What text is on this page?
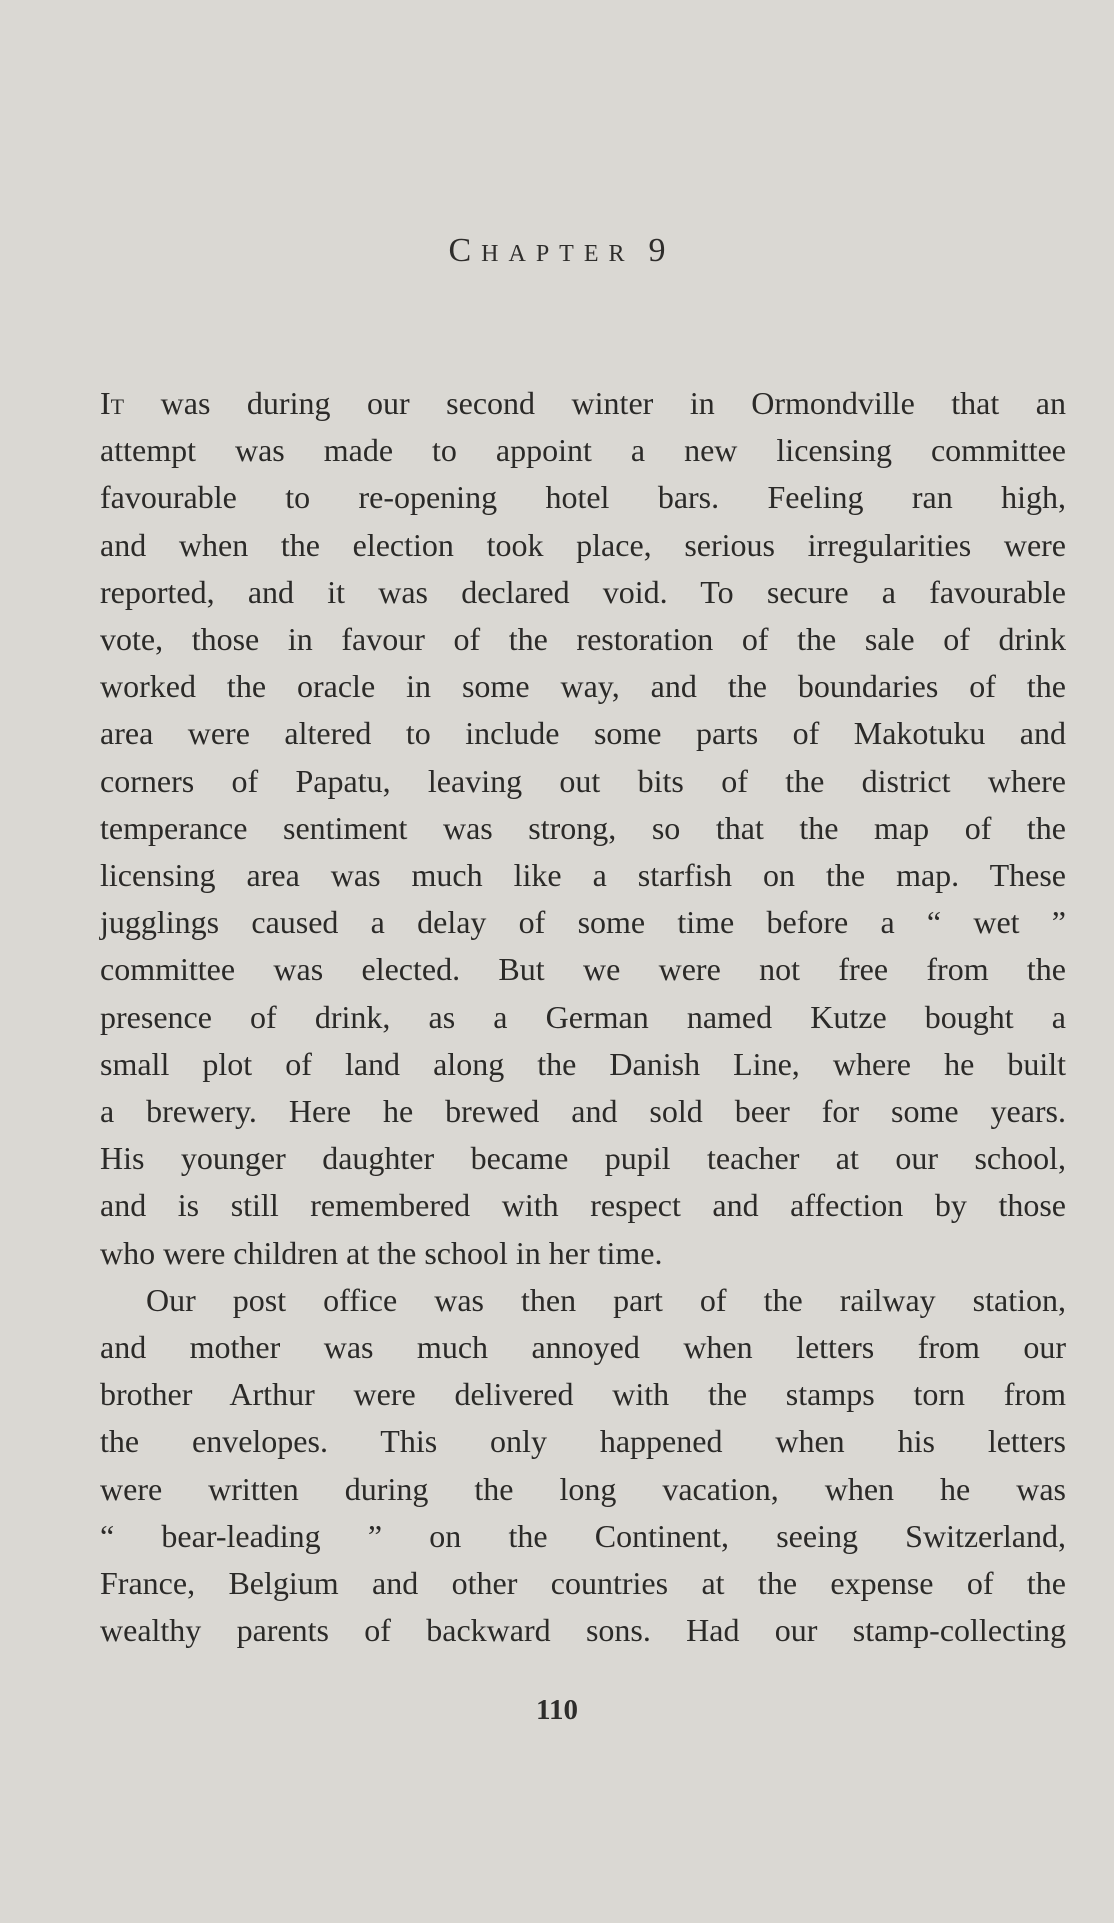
Chapter 9

It was during our second winter in Ormondville that an
attempt was made to appoint a new licensing committee
favourable to re-opening hotel bars. Feeling ran high,
and when the election took place, serious irregularities were
reported, and it was declared void. To secure a favourable
vote, those in favour of the restoration of the sale of drink
worked the oracle in some way, and the boundaries of the
area were altered to include some parts of Makotuku and
corners of Papatu, leaving out bits of the district where
temperance sentiment was strong, so that the map of the
licensing area was much like a starfish on the map. These
jugglings caused a delay of some time before a “ wet ”
committee was elected. But we were not free from the
presence of drink, as a German named Kutze bought a
small plot of land along the Danish Line, where he built
a brewery. Here he brewed and sold beer for some years.
His younger daughter became pupil teacher at our school,
and is still remembered with respect and affection by those
who were children at the school in her time.

Our post office was then part of the railway station,
and mother was much annoyed when letters from our
brother Arthur were delivered with the stamps torn from
the envelopes. This only happened when his letters
were written during the long vacation, when he was
“ bear-leading ” on the Continent, seeing Switzerland,
France, Belgium and other countries at the expense of the
wealthy parents of backward sons. Had our stamp-collecting

110
